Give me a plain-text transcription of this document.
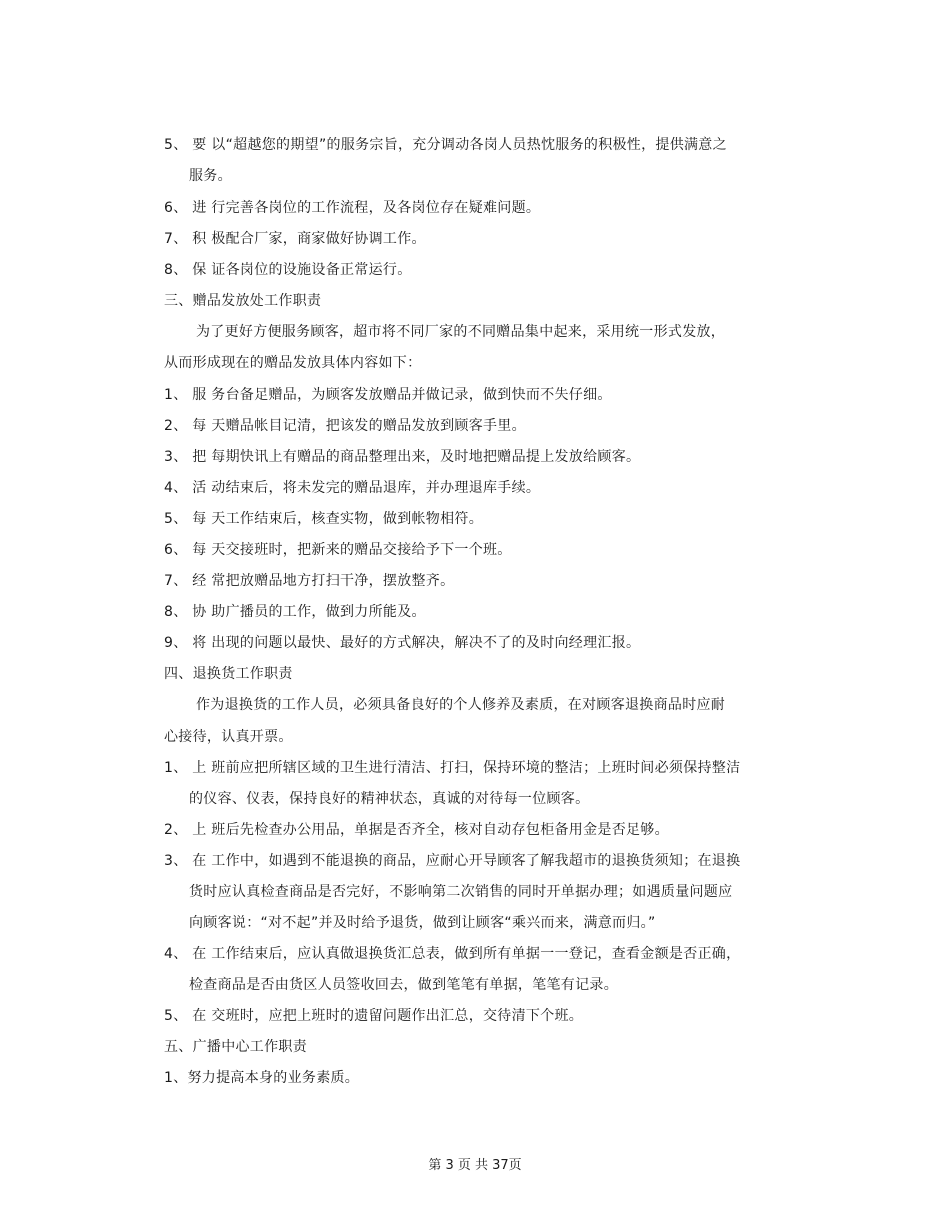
5、 要 以“超越您的期望”的服务宗旨，充分调动各岗人员热忱服务的积极性，提供满意之

服务。

6、 进 行完善各岗位的工作流程，及各岗位存在疑难问题。

7、 积 极配合厂家，商家做好协调工作。

8、 保 证各岗位的设施设备正常运行。

三、赠品发放处工作职责

为了更好方便服务顾客，超市将不同厂家的不同赠品集中起来，采用统一形式发放，

从而形成现在的赠品发放具体内容如下：

1、 服 务台备足赠品，为顾客发放赠品并做记录，做到快而不失仔细。

2、 每 天赠品帐目记清，把该发的赠品发放到顾客手里。

3、 把 每期快讯上有赠品的商品整理出来，及时地把赠品提上发放给顾客。

4、 活 动结束后，将未发完的赠品退库，并办理退库手续。

5、 每 天工作结束后，核查实物，做到帐物相符。

6、 每 天交接班时，把新来的赠品交接给予下一个班。

7、 经 常把放赠品地方打扫干净，摆放整齐。

8、 协 助广播员的工作，做到力所能及。

9、 将 出现的问题以最快、最好的方式解决，解决不了的及时向经理汇报。

四、退换货工作职责

作为退换货的工作人员，必须具备良好的个人修养及素质，在对顾客退换商品时应耐

心接待，认真开票。

1、 上 班前应把所辖区域的卫生进行清洁、打扫，保持环境的整洁；上班时间必须保持整洁

的仪容、仪表，保持良好的精神状态，真诚的对待每一位顾客。

2、 上 班后先检查办公用品，单据是否齐全，核对自动存包柜备用金是否足够。

3、 在 工作中，如遇到不能退换的商品，应耐心开导顾客了解我超市的退换货须知；在退换

货时应认真检查商品是否完好，不影响第二次销售的同时开单据办理；如遇质量问题应

向顾客说：“对不起”并及时给予退货，做到让顾客“乘兴而来，满意而归。”

4、 在 工作结束后，应认真做退换货汇总表，做到所有单据一一登记，查看金额是否正确，

检查商品是否由货区人员签收回去，做到笔笔有单据，笔笔有记录。

5、 在 交班时，应把上班时的遗留问题作出汇总，交待清下个班。

五、广播中心工作职责

1、努力提高本身的业务素质。

第 3 页 共 37页
